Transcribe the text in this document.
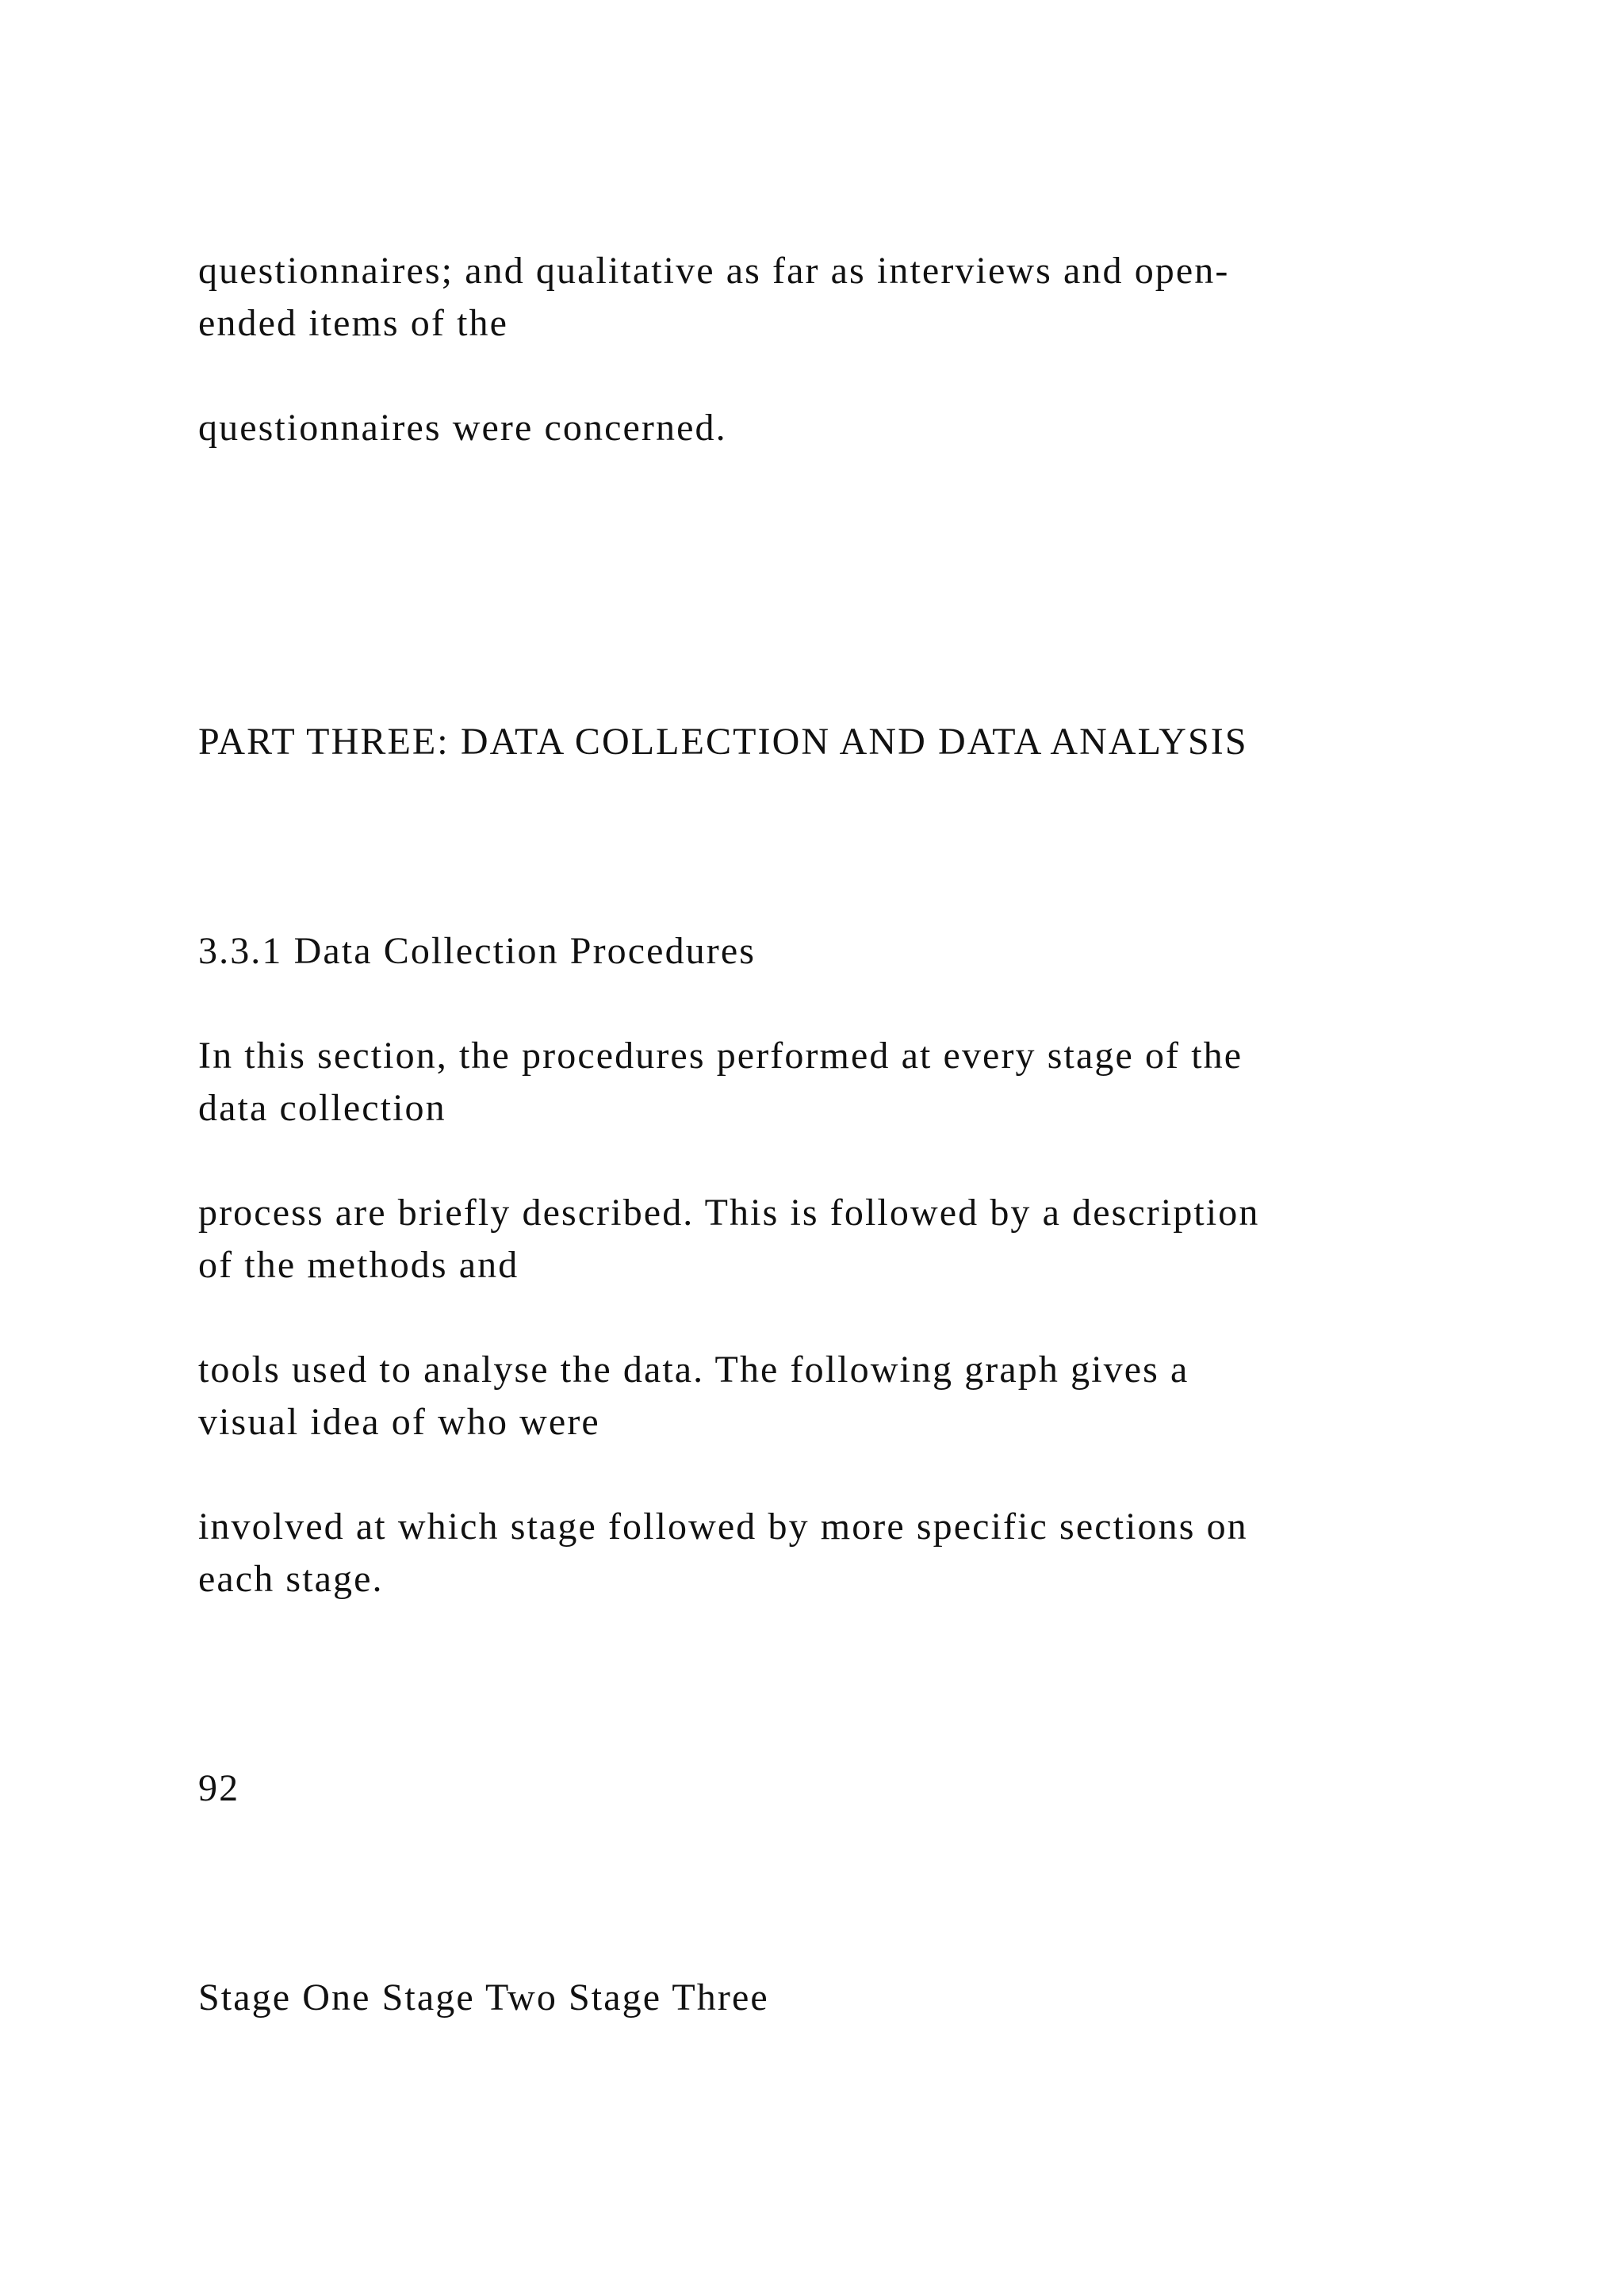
questionnaires; and qualitative as far as interviews and open-
ended items of the
questionnaires were concerned.
PART THREE: DATA COLLECTION AND DATA ANALYSIS
3.3.1 Data Collection Procedures
In this section, the procedures performed at every stage of the
data collection
process are briefly described. This is followed by a description
of the methods and
tools used to analyse the data. The following graph gives a
visual idea of who were
involved at which stage followed by more specific sections on
each stage.
92
Stage One Stage Two Stage Three
